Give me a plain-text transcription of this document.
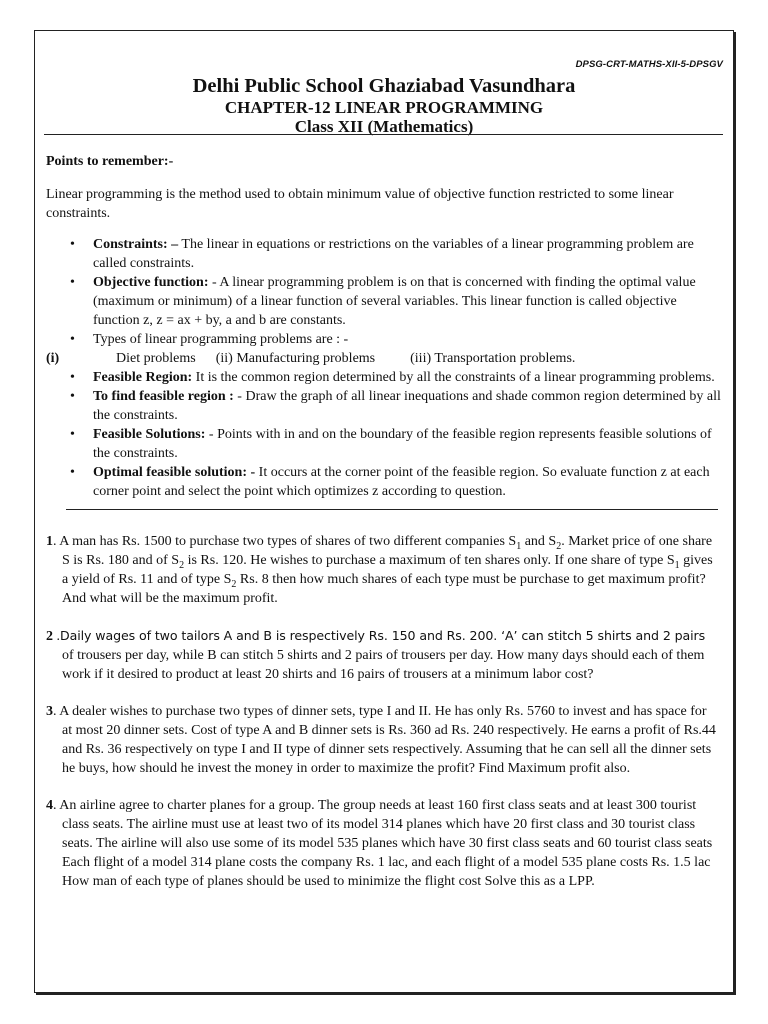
DPSG-CRT-MATHS-XII-5-DPSGV
Delhi Public School Ghaziabad Vasundhara
CHAPTER-12 LINEAR PROGRAMMING
Class XII (Mathematics)
Points to remember:-
Linear programming is the method used to obtain minimum value of objective function restricted to some linear constraints.
• Constraints: – The linear in equations or restrictions on the variables of a linear programming problem are called constraints.
• Objective function: - A linear programming problem is on that is concerned with finding the optimal value (maximum or minimum) of a linear function of several variables. This linear function is called objective function z, z = ax + by, a and b are constants.
• Types of linear programming problems are : -
(i)	Diet problems (ii) Manufacturing problems	(iii) Transportation problems.
• Feasible Region: It is the common region determined by all the constraints of a linear programming problems.
• To find feasible region : - Draw the graph of all linear inequations and shade common region determined by all the constraints.
• Feasible Solutions: - Points with in and on the boundary of the feasible region represents feasible solutions of the constraints.
• Optimal feasible solution: - It occurs at the corner point of the feasible region. So evaluate function z at each corner point and select the point which optimizes z according to question.
1. A man has Rs. 1500 to purchase two types of shares of two different companies $S_1$ and $S_2$. Market price of one share S is Rs. 180 and of $S_2$ is Rs. 120. He wishes to purchase a maximum of ten shares only. If one share of type $S_1$ gives a yield of Rs. 11 and of type $S_2$ Rs. 8 then how much shares of each type must be purchase to get maximum profit? And what will be the maximum profit.
2 .Daily wages of two tailors A and B is respectively Rs. 150 and Rs. 200. ‘A’ can stitch 5 shirts and 2 pairs of trousers per day, while B can stitch 5 shirts and 2 pairs of trousers per day. How many days should each of them work if it desired to product at least 20 shirts and 16 pairs of trousers at a minimum labor cost?
3. A dealer wishes to purchase two types of dinner sets, type I and II. He has only Rs. 5760 to invest and has space for at most 20 dinner sets. Cost of type A and B dinner sets is Rs. 360 ad Rs. 240 respectively. He earns a profit of Rs.44 and Rs. 36 respectively on type I and II type of dinner sets respectively. Assuming that he can sell all the dinner sets he buys, how should he invest the money in order to maximize the profit? Find Maximum profit also.
4. An airline agree to charter planes for a group. The group needs at least 160 first class seats and at least 300 tourist class seats. The airline must use at least two of its model 314 planes which have 20 first class and 30 tourist class seats. The airline will also use some of its model 535 planes which have 30 first class seats and 60 tourist class seats Each flight of a model 314 plane costs the company Rs. 1 lac, and each flight of a model 535 plane costs Rs. 1.5 lac How man of each type of planes should be used to minimize the flight cost Solve this as a LPP.
